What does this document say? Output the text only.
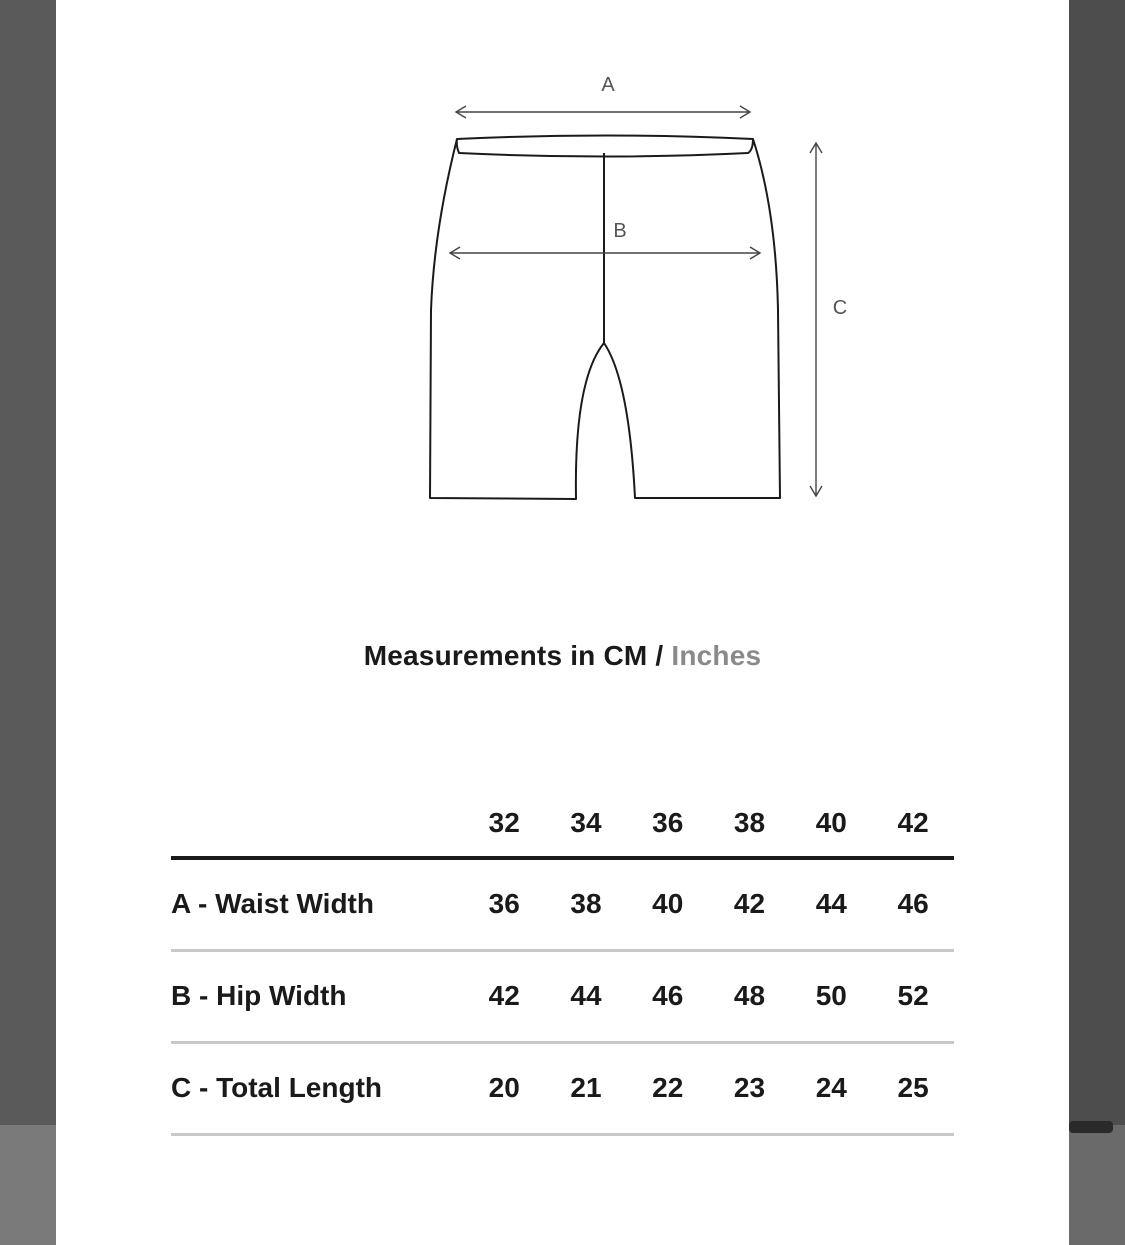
A
B
C
Measurements in CM / Inches
	32	34	36	38	40	42
A - Waist Width	36	38	40	42	44	46
B - Hip Width	42	44	46	48	50	52
C - Total Length	20	21	22	23	24	25
